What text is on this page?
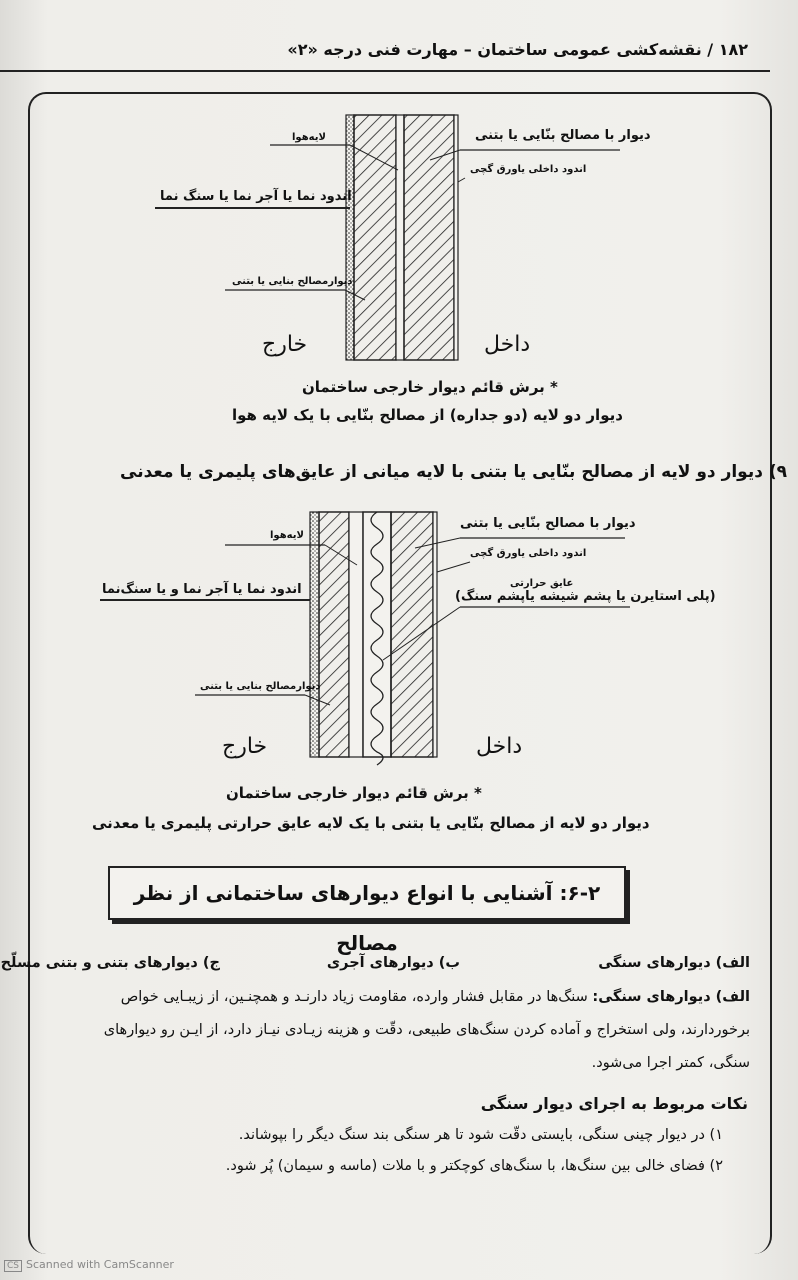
۱۸۲ / نقشه‌کشی عمومی ساختمان – مهارت فنی درجه «۲»
دیوار با مصالح بنّایی یا بتنی
لایه‌هوا
اندود داخلی یاورق گچی
اندود نما یا آجر نما یا سنگ نما
دیوارمصالح بنایی یا بتنی
خارج	داخل
* برش قائم دیوار خارجی ساختمان
دیوار دو لایه (دو جداره) از مصالح بنّایی با یک لایه هوا
۹) دیوار دو لایه از مصالح بنّایی یا بتنی با لایه میانی از عایق‌های پلیمری یا معدنی
دیوار با مصالح بنّایی یا بتنی
لایه‌هوا
اندود داخلی یاورق گچی
عایق حرارتی
(پلی استایرن یا پشم شیشه یاپشم سنگ)
اندود نما یا آجر نما و یا سنگ‌نما
دیوارمصالح بنایی یا بتنی
خارج	داخل
* برش قائم دیوار خارجی ساختمان
دیوار دو لایه از مصالح بنّایی یا بتنی با یک لایه عایق حرارتی پلیمری یا معدنی
۶-۲: آشنایی با انواع دیوارهای ساختمانی از نظر مصالح
الف) دیوارهای سنگی
ب) دیوارهای آجری
ج) دیوارهای بتنی و بتنی مسلّح
الف) دیوارهای سنگی: سنگ‌ها در مقابل فشار وارده، مقاومت زیاد دارنـد و همچنـین، از زیبـایی خواص
برخوردارند، ولی استخراج و آماده کردن سنگ‌های طبیعی، دقّت و هزینه زیـادی نیـاز دارد، از ایـن رو دیوارهای
سنگی، کمتر اجرا می‌شود.
نکات مربوط به اجرای دیوار سنگی
۱) در دیوار چینی سنگی، بایستی دقّت شود تا هر سنگی بند سنگ دیگر را بپوشاند.
۲) فضای خالی بین سنگ‌ها، با سنگ‌های کوچکتر و با ملات (ماسه و سیمان) پُر شود.
CS Scanned with CamScanner
